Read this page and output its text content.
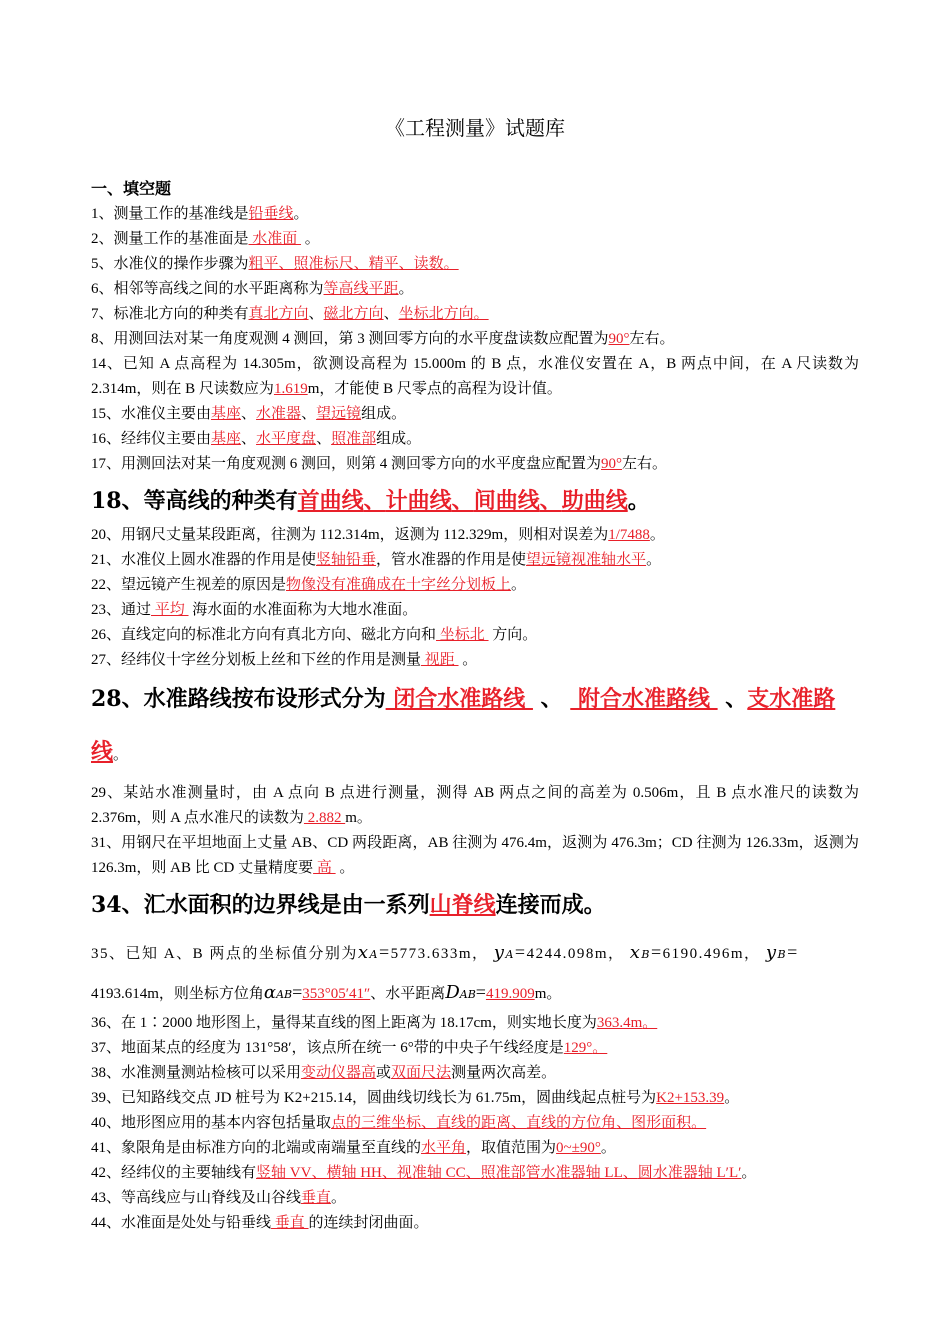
《工程测量》试题库
一、填空题

1、测量工作的基准线是铅垂线。

2、测量工作的基准面是 水准面  。

5、水准仪的操作步骤为粗平、照准标尺、精平、读数。

6、相邻等高线之间的水平距离称为等高线平距。

7、标准北方向的种类有真北方向、磁北方向、坐标北方向。

8、用测回法对某一角度观测 4 测回，第 3 测回零方向的水平度盘读数应配置为90°左右。

14、已知 A 点高程为 14.305m，欲测设高程为 15.000m 的 B 点，水准仪安置在 A，B 两点中间，在 A 尺读数为 2.314m，则在 B 尺读数应为1.619m，才能使 B 尺零点的高程为设计值。

15、水准仪主要由基座、水准器、望远镜组成。

16、经纬仪主要由基座、水平度盘、照准部组成。

17、用测回法对某一角度观测 6 测回，则第 4 测回零方向的水平度盘应配置为90°左右。

18、等高线的种类有首曲线、计曲线、间曲线、助曲线。

20、用钢尺丈量某段距离，往测为 112.314m，返测为 112.329m，则相对误差为1/7488。

21、水准仪上圆水准器的作用是使竖轴铅垂，管水准器的作用是使望远镜视准轴水平。

22、望远镜产生视差的原因是物像没有准确成在十字丝分划板上。

23、通过 平均  海水面的水准面称为大地水准面。

26、直线定向的标准北方向有真北方向、磁北方向和 坐标北  方向。

27、经纬仪十字丝分划板上丝和下丝的作用是测量 视距  。

28、水准路线按布设形式分为 闭合水准路线  、  附合水准路线  、支水准路线。

29、某站水准测量时，由 A 点向 B 点进行测量，测得 AB 两点之间的高差为 0.506m，且 B 点水准尺的读数为 2.376m，则 A 点水准尺的读数为 2.882 m。

31、用钢尺在平坦地面上丈量 AB、CD 两段距离，AB 往测为 476.4m，返测为 476.3m；CD 往测为 126.33m，返测为 126.3m，则 AB 比 CD 丈量精度要 高  。

34、汇水面积的边界线是由一系列山脊线连接而成。

35、已知 A、B 两点的坐标值分别为xA=5773.633m， yA=4244.098m， xB=6190.496m， yB=

4193.614m，则坐标方位角αAB=353°05′41″、水平距离DAB=419.909m。

36、在 1∶2000 地形图上，量得某直线的图上距离为 18.17cm，则实地长度为363.4m。

37、地面某点的经度为 131°58′，该点所在统一 6°带的中央子午线经度是129°。

38、水准测量测站检核可以采用变动仪器高或双面尺法测量两次高差。

39、已知路线交点 JD 桩号为 K2+215.14，圆曲线切线长为 61.75m，圆曲线起点桩号为K2+153.39。

40、地形图应用的基本内容包括量取点的三维坐标、直线的距离、直线的方位角、图形面积。

41、象限角是由标准方向的北端或南端量至直线的水平角，取值范围为0~±90°。

42、经纬仪的主要轴线有竖轴 VV、横轴 HH、视准轴 CC、照准部管水准器轴 LL、圆水准器轴 L′L′。

43、等高线应与山脊线及山谷线垂直。

44、水准面是处处与铅垂线 垂直 的连续封闭曲面。
